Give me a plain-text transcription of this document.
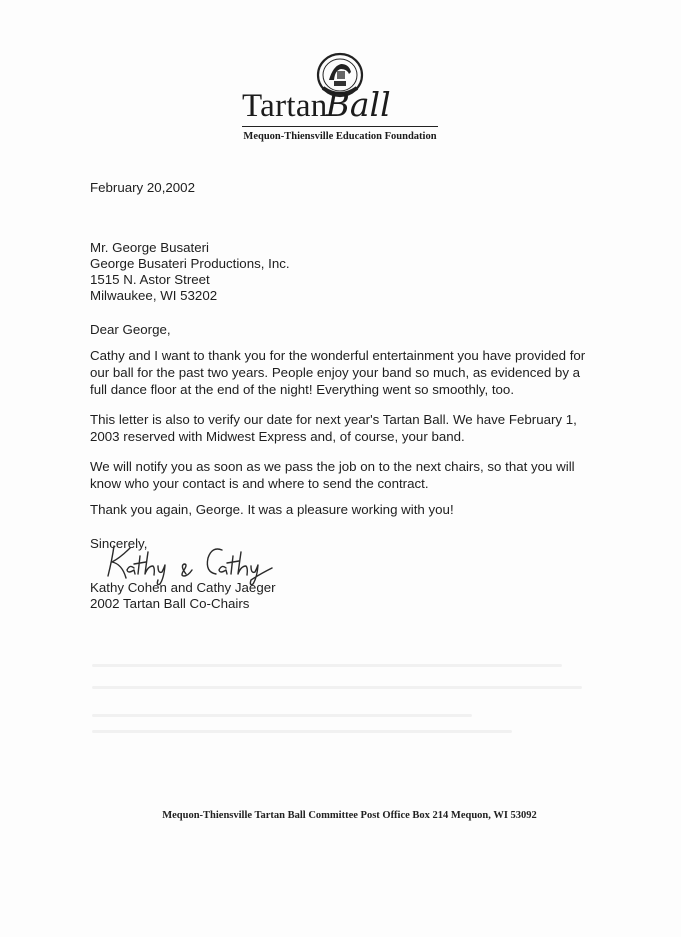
TartanBall
Mequon-Thiensville Education Foundation
February 20,2002
Mr. George Busateri
George Busateri Productions, Inc.
1515 N. Astor Street
Milwaukee, WI 53202
Dear George,
Cathy and I want to thank you for the wonderful entertainment you have provided for
our ball for the past two years. People enjoy your band so much, as evidenced by a
full dance floor at the end of the night! Everything went so smoothly, too.
This letter is also to verify our date for next year's Tartan Ball. We have February 1,
2003 reserved with Midwest Express and, of course, your band.
We will notify you as soon as we pass the job on to the next chairs, so that you will
know who your contact is and where to send the contract.
Thank you again, George. It was a pleasure working with you!
Sincerely,
Kathy Cohen and Cathy Jaeger
2002 Tartan Ball Co-Chairs
Mequon-Thiensville Tartan Ball Committee Post Office Box 214 Mequon, WI 53092
